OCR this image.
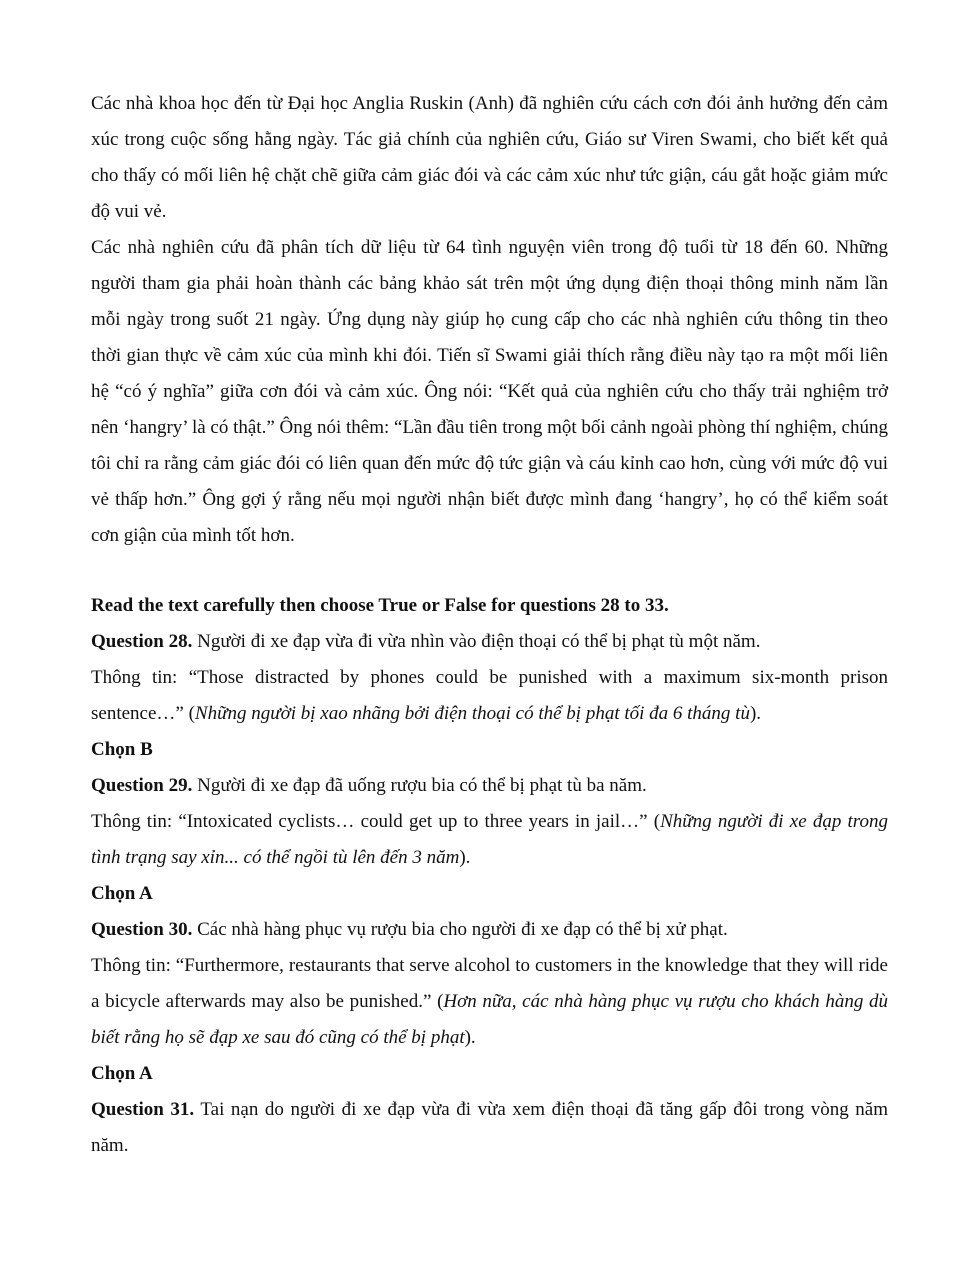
Các nhà khoa học đến từ Đại học Anglia Ruskin (Anh) đã nghiên cứu cách cơn đói ảnh hưởng đến cảm xúc trong cuộc sống hằng ngày. Tác giả chính của nghiên cứu, Giáo sư Viren Swami, cho biết kết quả cho thấy có mối liên hệ chặt chẽ giữa cảm giác đói và các cảm xúc như tức giận, cáu gắt hoặc giảm mức độ vui vẻ.

Các nhà nghiên cứu đã phân tích dữ liệu từ 64 tình nguyện viên trong độ tuổi từ 18 đến 60. Những người tham gia phải hoàn thành các bảng khảo sát trên một ứng dụng điện thoại thông minh năm lần mỗi ngày trong suốt 21 ngày. Ứng dụng này giúp họ cung cấp cho các nhà nghiên cứu thông tin theo thời gian thực về cảm xúc của mình khi đói. Tiến sĩ Swami giải thích rằng điều này tạo ra một mối liên hệ “có ý nghĩa” giữa cơn đói và cảm xúc. Ông nói: “Kết quả của nghiên cứu cho thấy trải nghiệm trở nên ‘hangry’ là có thật.” Ông nói thêm: “Lần đầu tiên trong một bối cảnh ngoài phòng thí nghiệm, chúng tôi chỉ ra rằng cảm giác đói có liên quan đến mức độ tức giận và cáu kỉnh cao hơn, cùng với mức độ vui vẻ thấp hơn.” Ông gợi ý rằng nếu mọi người nhận biết được mình đang ‘hangry’, họ có thể kiểm soát cơn giận của mình tốt hơn.

Read the text carefully then choose True or False for questions 28 to 33.

Question 28. Người đi xe đạp vừa đi vừa nhìn vào điện thoại có thể bị phạt tù một năm.

Thông tin: “Those distracted by phones could be punished with a maximum six-month prison sentence…” (Những người bị xao nhãng bởi điện thoại có thể bị phạt tối đa 6 tháng tù).

Chọn B

Question 29. Người đi xe đạp đã uống rượu bia có thể bị phạt tù ba năm.

Thông tin: “Intoxicated cyclists… could get up to three years in jail…” (Những người đi xe đạp trong tình trạng say xỉn... có thể ngồi tù lên đến 3 năm).

Chọn A

Question 30. Các nhà hàng phục vụ rượu bia cho người đi xe đạp có thể bị xử phạt.

Thông tin: “Furthermore, restaurants that serve alcohol to customers in the knowledge that they will ride a bicycle afterwards may also be punished.” (Hơn nữa, các nhà hàng phục vụ rượu cho khách hàng dù biết rằng họ sẽ đạp xe sau đó cũng có thể bị phạt).

Chọn A

Question 31. Tai nạn do người đi xe đạp vừa đi vừa xem điện thoại đã tăng gấp đôi trong vòng năm năm.
